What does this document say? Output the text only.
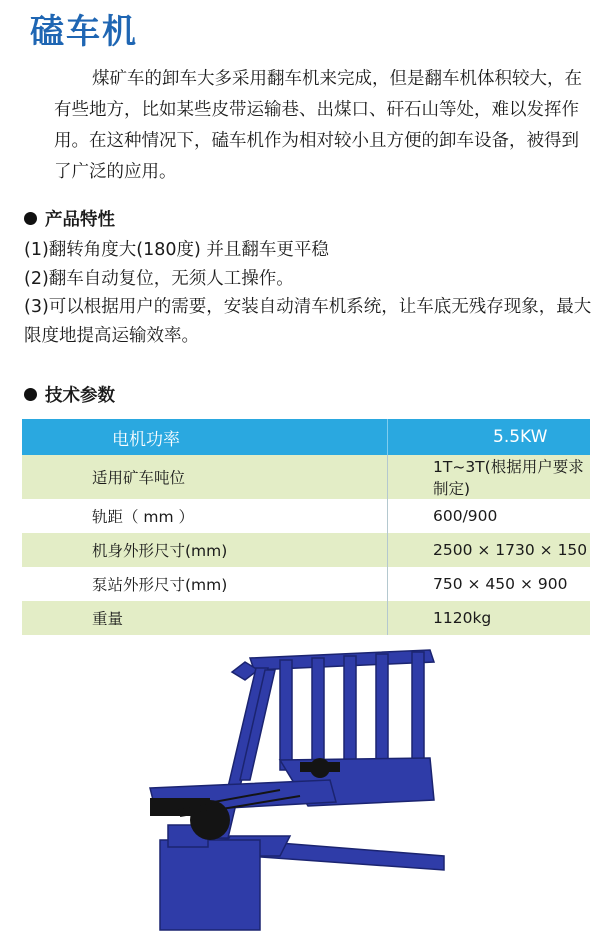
磕车机

煤矿车的卸车大多采用翻车机来完成，但是翻车机体积较大，在有些地方，比如某些皮带运输巷、出煤口、矸石山等处，难以发挥作用。在这种情况下，磕车机作为相对较小且方便的卸车设备，被得到了广泛的应用。

产品特性
(1)翻转角度大(180度) 并且翻车更平稳
(2)翻车自动复位，无须人工操作。
(3)可以根据用户的需要，安装自动清车机系统，让车底无残存现象，最大限度地提高运输效率。
技术参数
电机功率	5.5KW
适用矿车吨位	1T~3T(根据用户要求制定)
轨距（ mm ）	600/900
机身外形尺寸(mm)	2500 × 1730 × 150
泵站外形尺寸(mm)	750 × 450 × 900
重量	1120kg
